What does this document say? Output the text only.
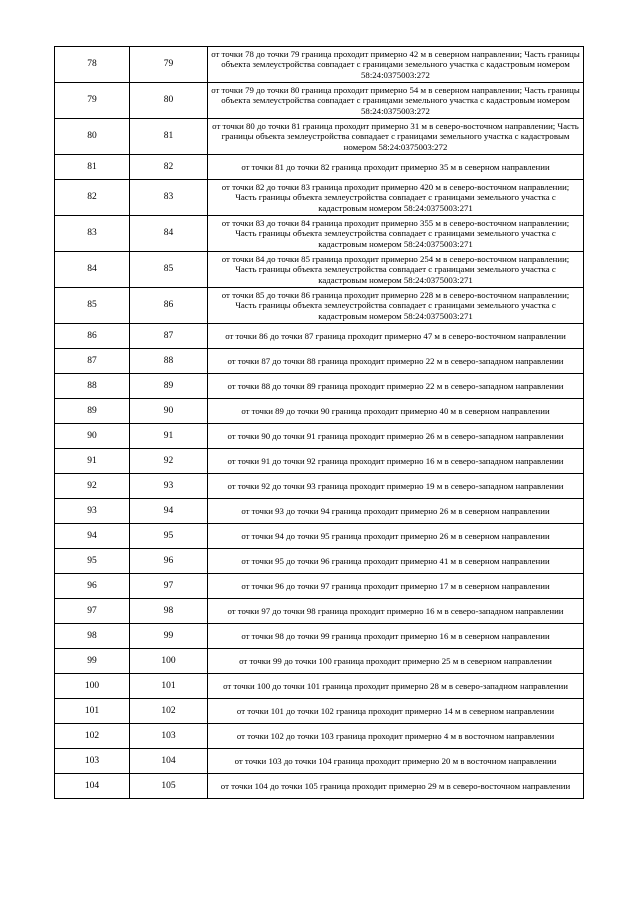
78	79	от точки 78 до точки 79 граница проходит примерно 42 м в северном направлении; Часть границы объекта землеустройства совпадает с границами земельного участка с кадастровым номером 58:24:0375003:272
79	80	от точки 79 до точки 80 граница проходит примерно 54 м в северном направлении; Часть границы объекта землеустройства совпадает с границами земельного участка с кадастровым номером 58:24:0375003:272
80	81	от точки 80 до точки 81 граница проходит примерно 31 м в северо-восточном направлении; Часть границы объекта землеустройства совпадает с границами земельного участка с кадастровым номером 58:24:0375003:272
81	82	от точки 81 до точки 82 граница проходит примерно 35 м в северном направлении
82	83	от точки 82 до точки 83 граница проходит примерно 420 м в северо-восточном направлении; Часть границы объекта землеустройства совпадает с границами земельного участка с кадастровым номером 58:24:0375003:271
83	84	от точки 83 до точки 84 граница проходит примерно 355 м в северо-восточном направлении; Часть границы объекта землеустройства совпадает с границами земельного участка с кадастровым номером 58:24:0375003:271
84	85	от точки 84 до точки 85 граница проходит примерно 254 м в северо-восточном направлении; Часть границы объекта землеустройства совпадает с границами земельного участка с кадастровым номером 58:24:0375003:271
85	86	от точки 85 до точки 86 граница проходит примерно 228 м в северо-восточном направлении; Часть границы объекта землеустройства совпадает с границами земельного участка с кадастровым номером 58:24:0375003:271
86	87	от точки 86 до точки 87 граница проходит примерно 47 м в северо-восточном направлении
87	88	от точки 87 до точки 88 граница проходит примерно 22 м в северо-западном направлении
88	89	от точки 88 до точки 89 граница проходит примерно 22 м в северо-западном направлении
89	90	от точки 89 до точки 90 граница проходит примерно 40 м в северном направлении
90	91	от точки 90 до точки 91 граница проходит примерно 26 м в северо-западном направлении
91	92	от точки 91 до точки 92 граница проходит примерно 16 м в северо-западном направлении
92	93	от точки 92 до точки 93 граница проходит примерно 19 м в северо-западном направлении
93	94	от точки 93 до точки 94 граница проходит примерно 26 м в северном направлении
94	95	от точки 94 до точки 95 граница проходит примерно 26 м в северном направлении
95	96	от точки 95 до точки 96 граница проходит примерно 41 м в северном направлении
96	97	от точки 96 до точки 97 граница проходит примерно 17 м в северном направлении
97	98	от точки 97 до точки 98 граница проходит примерно 16 м в северо-западном направлении
98	99	от точки 98 до точки 99 граница проходит примерно 16 м в северном направлении
99	100	от точки 99 до точки 100 граница проходит примерно 25 м в северном направлении
100	101	от точки 100 до точки 101 граница проходит примерно 28 м в северо-западном направлении
101	102	от точки 101 до точки 102 граница проходит примерно 14 м в северном направлении
102	103	от точки 102 до точки 103 граница проходит примерно 4 м в восточном направлении
103	104	от точки 103 до точки 104 граница проходит примерно 20 м в восточном направлении
104	105	от точки 104 до точки 105 граница проходит примерно 29 м в северо-восточном направлении
